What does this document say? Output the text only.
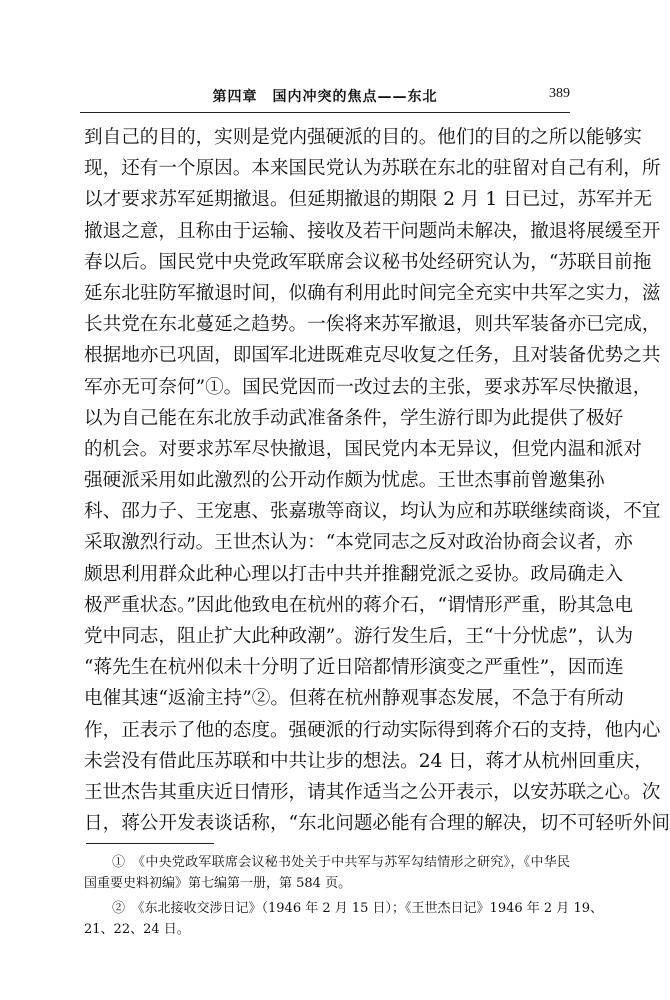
第四章　国内冲突的焦点——东北	389
到自己的目的，实则是党内强硬派的目的。他们的目的之所以能够实
现，还有一个原因。本来国民党认为苏联在东北的驻留对自己有利，所
以才要求苏军延期撤退。但延期撤退的期限 2 月 1 日已过，苏军并无
撤退之意，且称由于运输、接收及若干问题尚未解决，撤退将展缓至开
春以后。国民党中央党政军联席会议秘书处经研究认为，“苏联目前拖
延东北驻防军撤退时间，似确有利用此时间完全充实中共军之实力，滋
长共党在东北蔓延之趋势。一俟将来苏军撤退，则共军装备亦已完成，
根据地亦已巩固，即国军北进既难克尽收复之任务，且对装备优势之共
军亦无可奈何”①。国民党因而一改过去的主张，要求苏军尽快撤退，
以为自己能在东北放手动武准备条件，学生游行即为此提供了极好
的机会。对要求苏军尽快撤退，国民党内本无异议，但党内温和派对
强硬派采用如此激烈的公开动作颇为忧虑。王世杰事前曾邀集孙
科、邵力子、王宠惠、张嘉璈等商议，均认为应和苏联继续商谈，不宜
采取激烈行动。王世杰认为：“本党同志之反对政治协商会议者，亦
颇思利用群众此种心理以打击中共并推翻党派之妥协。政局确走入
极严重状态。”因此他致电在杭州的蒋介石，“谓情形严重，盼其急电
党中同志，阻止扩大此种政潮”。游行发生后，王“十分忧虑”，认为
“蒋先生在杭州似未十分明了近日陪都情形演变之严重性”，因而连
电催其速“返渝主持”②。但蒋在杭州静观事态发展，不急于有所动
作，正表示了他的态度。强硬派的行动实际得到蒋介石的支持，他内心
未尝没有借此压苏联和中共让步的想法。24 日，蒋才从杭州回重庆，
王世杰告其重庆近日情形，请其作适当之公开表示，以安苏联之心。次
日，蒋公开发表谈话称，“东北问题必能有合理的解决，切不可轻听外间
①　《中央党政军联席会议秘书处关于中共军与苏军勾结情形之研究》，《中华民
国重要史料初编》第七编第一册，第 584 页。
②　《东北接收交涉日记》（1946 年 2 月 15 日）；《王世杰日记》1946 年 2 月 19、
21、22、24 日。
